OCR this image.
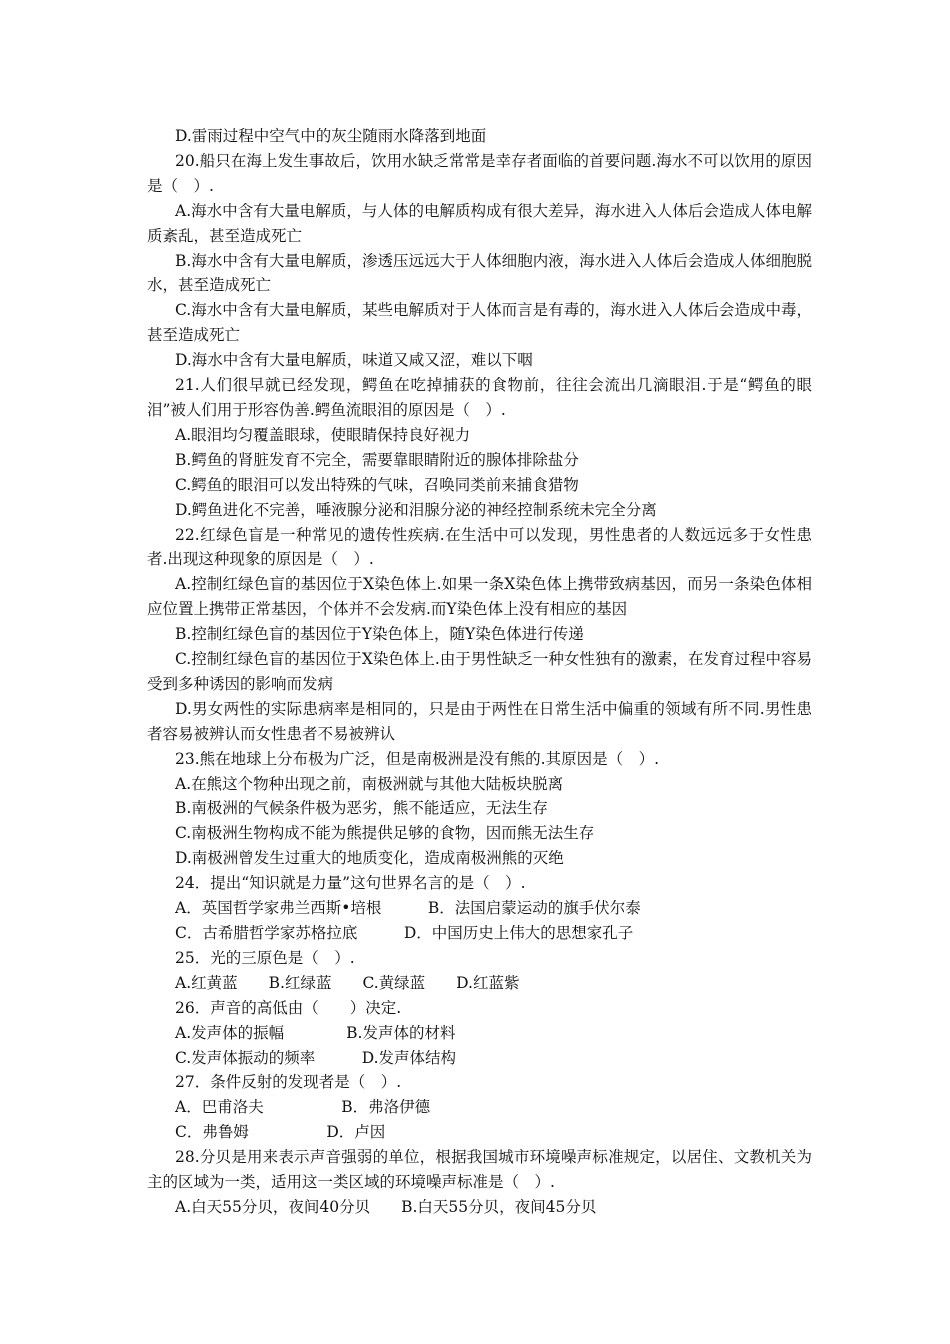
D.雷雨过程中空气中的灰尘随雨水降落到地面

20.船只在海上发生事故后，饮用水缺乏常常是幸存者面临的首要问题.海水不可以饮用的原因是（　）.

A.海水中含有大量电解质，与人体的电解质构成有很大差异，海水进入人体后会造成人体电解质紊乱，甚至造成死亡

B.海水中含有大量电解质，渗透压远远大于人体细胞内液，海水进入人体后会造成人体细胞脱水，甚至造成死亡

C.海水中含有大量电解质，某些电解质对于人体而言是有毒的，海水进入人体后会造成中毒，甚至造成死亡

D.海水中含有大量电解质，味道又咸又涩，难以下咽

21.人们很早就已经发现，鳄鱼在吃掉捕获的食物前，往往会流出几滴眼泪.于是“鳄鱼的眼泪”被人们用于形容伪善.鳄鱼流眼泪的原因是（　）.

A.眼泪均匀覆盖眼球，使眼睛保持良好视力

B.鳄鱼的肾脏发育不完全，需要靠眼睛附近的腺体排除盐分

C.鳄鱼的眼泪可以发出特殊的气味，召唤同类前来捕食猎物

D.鳄鱼进化不完善，唾液腺分泌和泪腺分泌的神经控制系统未完全分离

22.红绿色盲是一种常见的遗传性疾病.在生活中可以发现，男性患者的人数远远多于女性患者.出现这种现象的原因是（　）.

A.控制红绿色盲的基因位于X染色体上.如果一条X染色体上携带致病基因，而另一条染色体相应位置上携带正常基因，个体并不会发病.而Y染色体上没有相应的基因

B.控制红绿色盲的基因位于Y染色体上，随Y染色体进行传递

C.控制红绿色盲的基因位于X染色体上.由于男性缺乏一种女性独有的激素，在发育过程中容易受到多种诱因的影响而发病

D.男女两性的实际患病率是相同的，只是由于两性在日常生活中偏重的领域有所不同.男性患者容易被辨认而女性患者不易被辨认

23.熊在地球上分布极为广泛，但是南极洲是没有熊的.其原因是（　）.

A.在熊这个物种出现之前，南极洲就与其他大陆板块脱离

B.南极洲的气候条件极为恶劣，熊不能适应，无法生存

C.南极洲生物构成不能为熊提供足够的食物，因而熊无法生存

D.南极洲曾发生过重大的地质变化，造成南极洲熊的灭绝

24．提出“知识就是力量”这句世界名言的是（　）.

A．英国哲学家弗兰西斯•培根　　　B．法国启蒙运动的旗手伏尔泰

C．古希腊哲学家苏格拉底　　　D．中国历史上伟大的思想家孔子

25．光的三原色是（　）.

A.红黄蓝　　B.红绿蓝　　C.黄绿蓝　　D.红蓝紫

26．声音的高低由（　　）决定.

A.发声体的振幅　　　　B.发声体的材料

C.发声体振动的频率　　　D.发声体结构

27．条件反射的发现者是（　）.

A．巴甫洛夫　　　　　B．弗洛伊德

C．弗鲁姆　　　　　D．卢因

28.分贝是用来表示声音强弱的单位，根据我国城市环境噪声标准规定，以居住、文教机关为主的区域为一类，适用这一类区域的环境噪声标准是（　）.

A.白天55分贝，夜间40分贝　　B.白天55分贝，夜间45分贝
